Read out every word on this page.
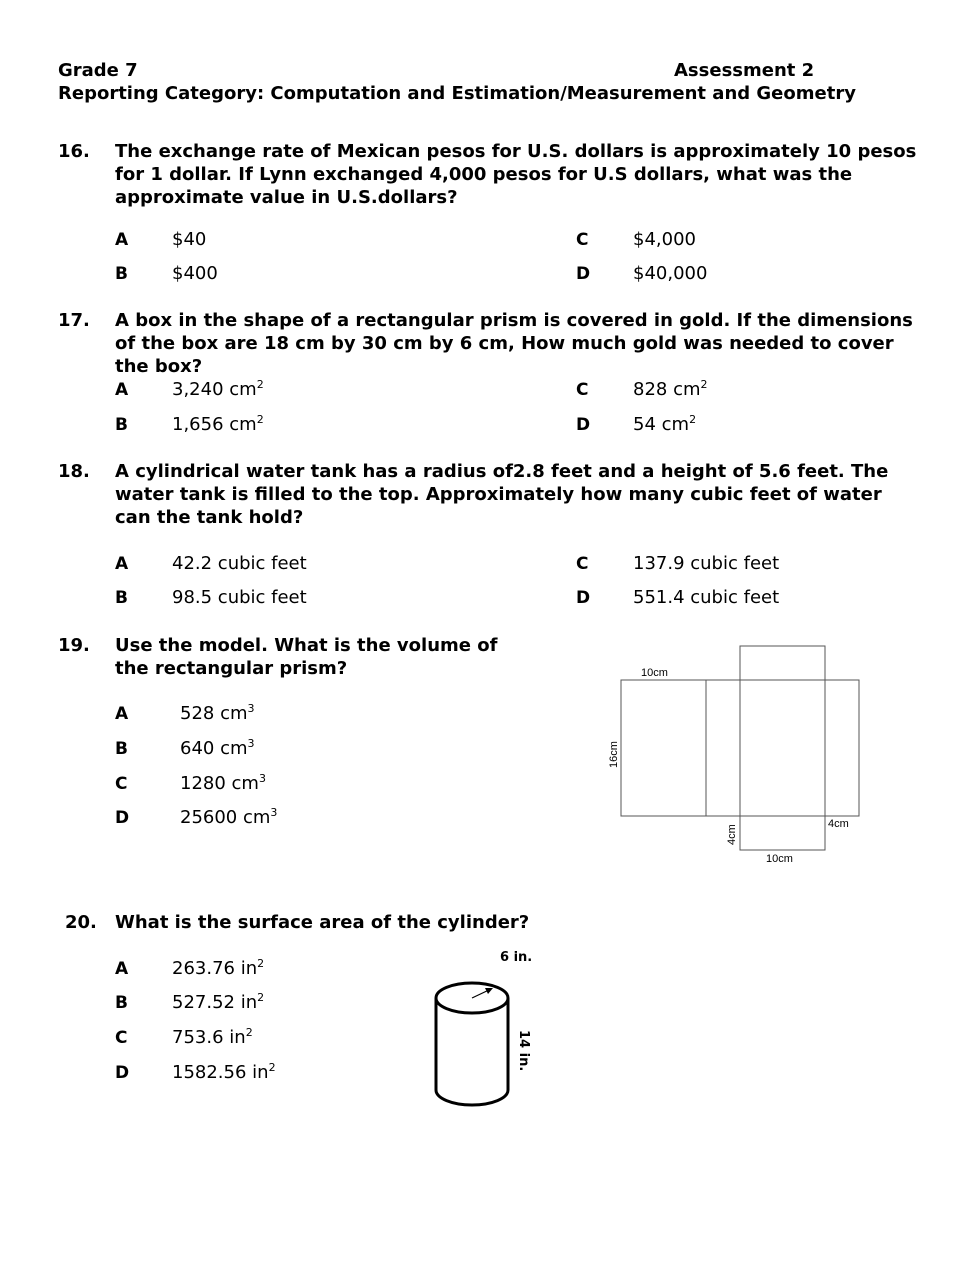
Grade 7	Assessment 2
Reporting Category: Computation and Estimation/Measurement and Geometry
16. The exchange rate of Mexican pesos for U.S. dollars is approximately 10 pesos for 1 dollar. If Lynn exchanged 4,000 pesos for U.S dollars, what was the approximate value in U.S.dollars?
A $40
B $400
C $4,000
D $40,000
17. A box in the shape of a rectangular prism is covered in gold. If the dimensions of the box are 18 cm by 30 cm by 6 cm, How much gold was needed to cover the box?
A 3,240 $cm^2$
B 1,656 $cm^2$
C 828 $cm^2$
D 54 $cm^2$
18. A cylindrical water tank has a radius of2.8 feet and a height of 5.6 feet. The water tank is filled to the top. Approximately how many cubic feet of water can the tank hold?
A 42.2 cubic feet
B 98.5 cubic feet
C 137.9 cubic feet
D 551.4 cubic feet
19. Use the model. What is the volume of the rectangular prism?
A	528 $cm^3$
B	640 $cm^3$
C	1280 $cm^3$
D	25600 $cm^3$
10cm
16cm
4cm
4cm
10cm
20. What is the surface area of the cylinder?
A 263.76 $in^2$
B 527.52 $in^2$
C 753.6 $in^2$
D 1582.56 $in^2$
6 in.
14 in.
